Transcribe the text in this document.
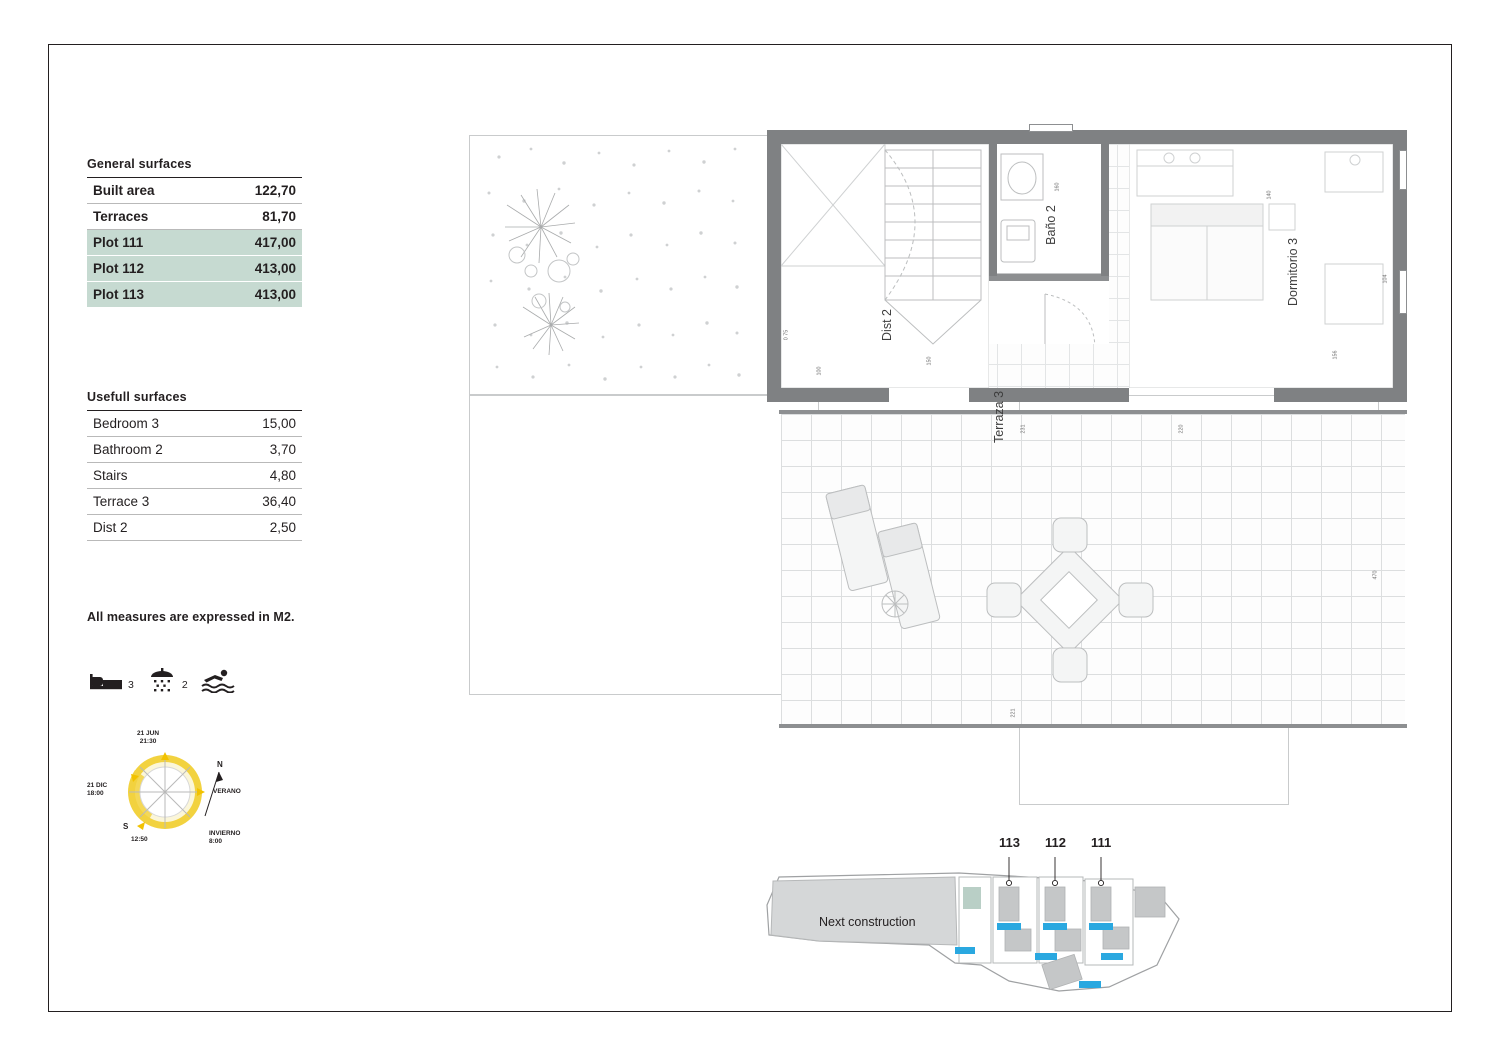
General surfaces
Built area	122,70
Terraces	81,70
Plot 111	417,00
Plot 112	413,00
Plot 113	413,00
Usefull surfaces
Bedroom 3	15,00
Bathroom 2	3,70
Stairs	4,80
Terrace 3	36,40
Dist 2	2,50
All measures are expressed in M2.
3	2
21 JUN
21:30
21 DIC
18:00	VERANO
INVIERNO
8:00
12:50
N
S
Dormitorio 3
Baño 2
Dist 2
160
140
104
156
150
100
0 75
Terraza 3	231	220
470
221
Next construction
113 112 111
